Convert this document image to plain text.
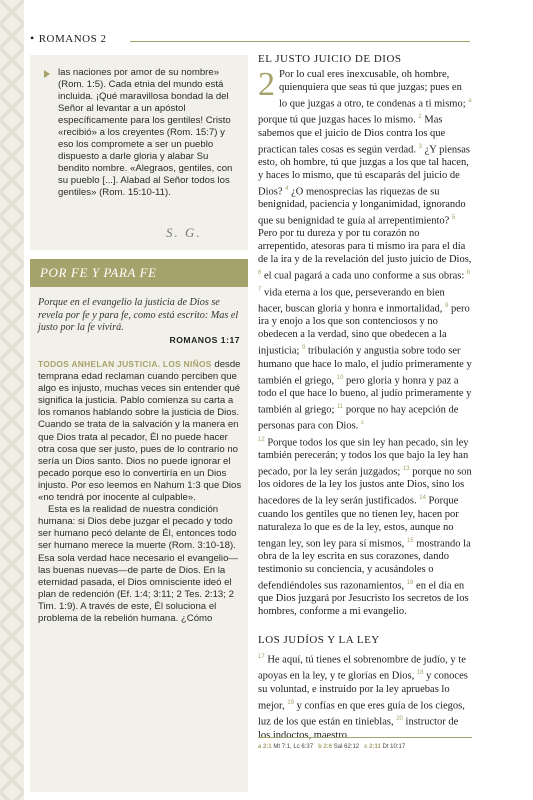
• ROMANOS 2

las naciones por amor de su nombre» (Rom. 1:5). Cada etnia del mundo está incluida. ¡Qué maravillosa bondad la del Señor al levantar a un apóstol específicamente para los gentiles! Cristo «recibió» a los creyentes (Rom. 15:7) y eso los compromete a ser un pueblo dispuesto a darle gloria y alabar Su bendito nombre. «Alegraos, gentiles, con su pueblo [...]. Alabad al Señor todos los gentiles» (Rom. 15:10-11).

S. G.
POR FE Y PARA FE

Porque en el evangelio la justicia de Dios se revela por fe y para fe, como está escrito: Mas el justo por la fe vivirá.

ROMANOS 1:17

TODOS ANHELAN JUSTICIA. LOS NIÑOS desde temprana edad reclaman cuando perciben que algo es injusto, muchas veces sin entender qué significa la justicia. Pablo comienza su carta a los romanos hablando sobre la justicia de Dios. Cuando se trata de la salvación y la manera en que Dios trata al pecador, Él no puede hacer otra cosa que ser justo, pues de lo contrario no sería un Dios santo. Dios no puede ignorar el pecado porque eso lo convertiría en un Dios injusto. Por eso leemos en Nahum 1:3 que Dios «no tendrá por inocente al culpable».
Esta es la realidad de nuestra condición humana: si Dios debe juzgar el pecado y todo ser humano pecó delante de Él, entonces todo ser humano merece la muerte (Rom. 3:10-18). Esa sola verdad hace necesario el evangelio—las buenas nuevas—de parte de Dios. En la eternidad pasada, el Dios omnisciente ideó el plan de redención (Ef. 1:4; 3:11; 2 Tes. 2:13; 2 Tim. 1:9). A través de este, Él soluciona el problema de la rebelión humana. ¿Cómo

EL JUSTO JUICIO DE DIOS
2 Por lo cual eres inexcusable, oh hombre, quienquiera que seas tú que juzgas; pues en lo que juzgas a otro, te condenas a ti mismo; $^a$ porque tú que juzgas haces lo mismo. $^2$ Mas sabemos que el juicio de Dios contra los que practican tales cosas es según verdad. $^3$ ¿Y piensas esto, oh hombre, tú que juzgas a los que tal hacen, y haces lo mismo, que tú escaparás del juicio de Dios? $^4$ ¿O menosprecias las riquezas de su benignidad, paciencia y longanimidad, ignorando que su benignidad te guía al arrepentimiento? $^5$ Pero por tu dureza y por tu corazón no arrepentido, atesoras para ti mismo ira para el día de la ira y de la revelación del justo juicio de Dios, $^6$ el cual pagará a cada uno conforme a sus obras: $^b$ $^7$ vida eterna a los que, perseverando en bien hacer, buscan gloria y honra e inmortalidad, $^8$ pero ira y enojo a los que son contenciosos y no obedecen a la verdad, sino que obedecen a la injusticia; $^9$ tribulación y angustia sobre todo ser humano que hace lo malo, el judío primeramente y también el griego, $^{10}$ pero gloria y honra y paz a todo el que hace lo bueno, al judío primeramente y también al griego; $^{11}$ porque no hay acepción de personas para con Dios. $^c$

$^{12}$ Porque todos los que sin ley han pecado, sin ley también perecerán; y todos los que bajo la ley han pecado, por la ley serán juzgados; $^{13}$ porque no son los oidores de la ley los justos ante Dios, sino los hacedores de la ley serán justificados. $^{14}$ Porque cuando los gentiles que no tienen ley, hacen por naturaleza lo que es de la ley, estos, aunque no tengan ley, son ley para sí mismos, $^{15}$ mostrando la obra de la ley escrita en sus corazones, dando testimonio su conciencia, y acusándoles o defendiéndoles sus razonamientos, $^{16}$ en el día en que Dios juzgará por Jesucristo los secretos de los hombres, conforme a mi evangelio.

LOS JUDÍOS Y LA LEY
$^{17}$ He aquí, tú tienes el sobrenombre de judío, y te apoyas en la ley, y te glorías en Dios, $^{18}$ y conoces su voluntad, e instruido por la ley apruebas lo mejor, $^{19}$ y confías en que eres guía de los ciegos, luz de los que están en tinieblas, $^{20}$ instructor de los indoctos, maestro
a 2:1 Mt 7:1, Lc 6:37 b 2:6 Sal 62:12 c 2:11 Dt 10:17
